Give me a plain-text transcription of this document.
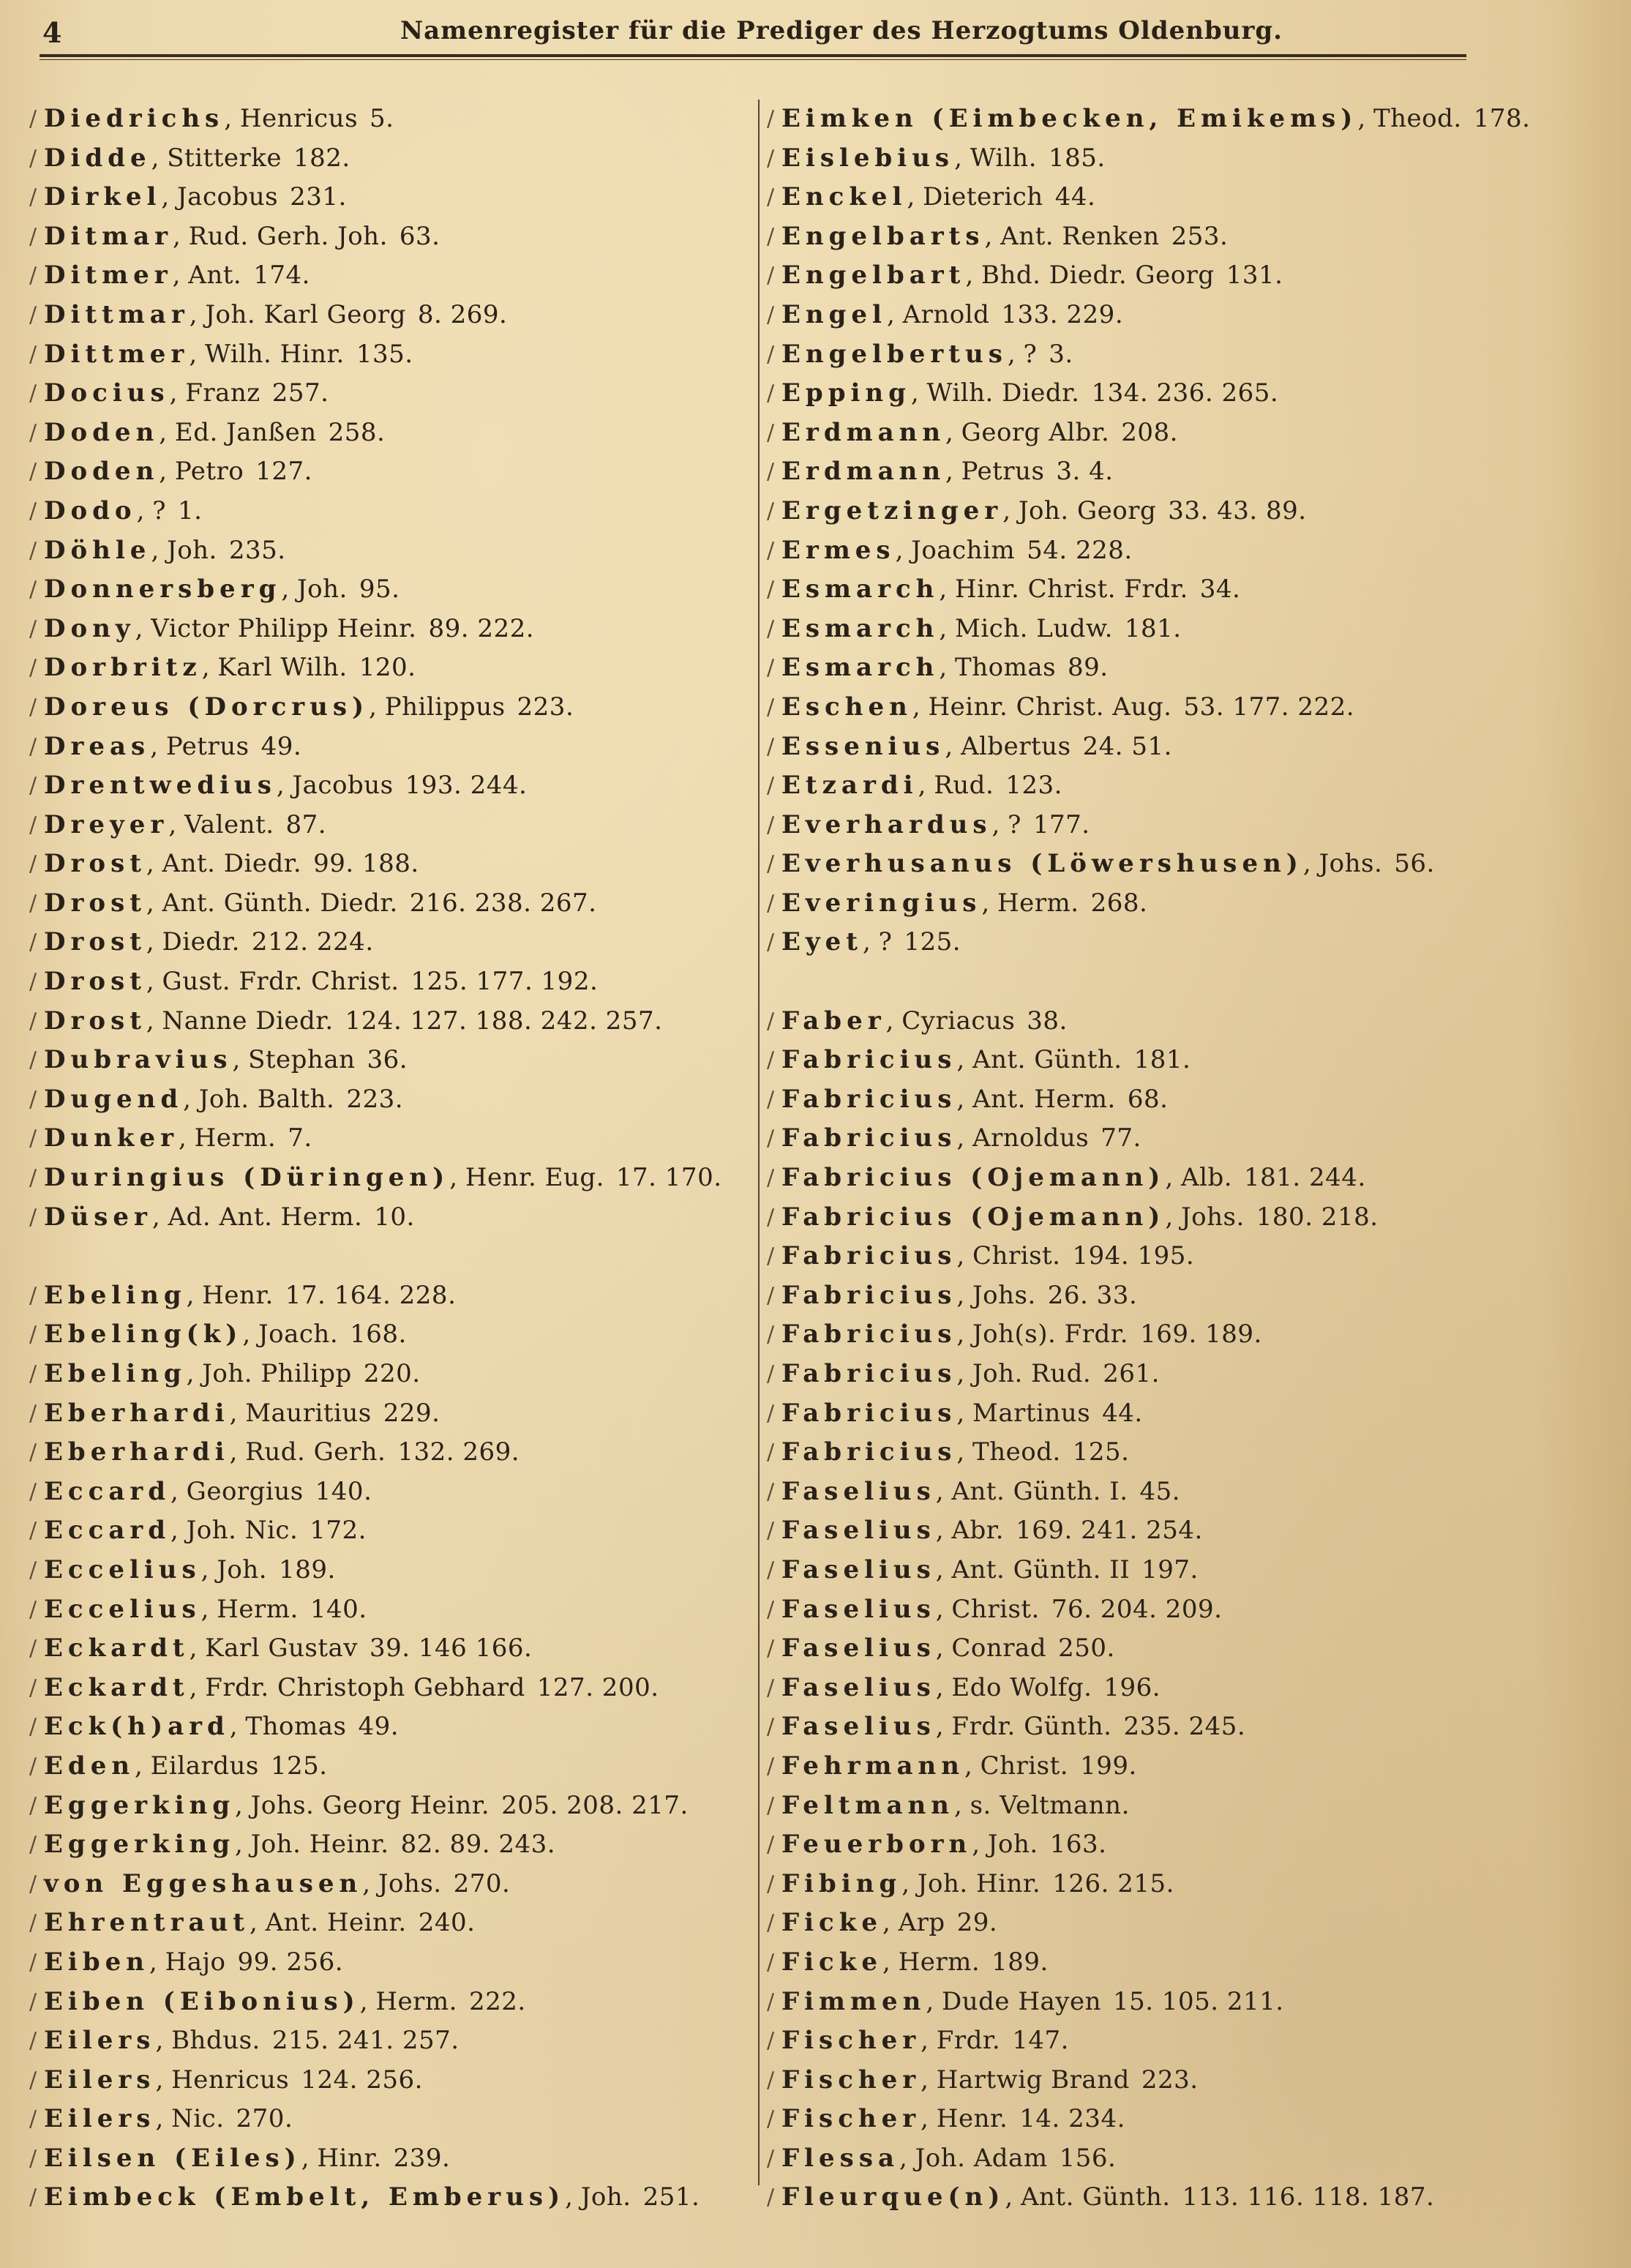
4	Namenregister für die Prediger des Herzogtums Oldenburg.
/ Diedrichs, Henricus 5.
/ Didde, Stitterke 182.
/ Dirkel, Jacobus 231.
/ Ditmar, Rud. Gerh. Joh. 63.
/ Ditmer, Ant. 174.
/ Dittmar, Joh. Karl Georg 8. 269.
/ Dittmer, Wilh. Hinr. 135.
/ Docius, Franz 257.
/ Doden, Ed. Janßen 258.
/ Doden, Petro 127.
/ Dodo, ? 1.
/ Döhle, Joh. 235.
/ Donnersberg, Joh. 95.
/ Dony, Victor Philipp Heinr. 89. 222.
/ Dorbritz, Karl Wilh. 120.
/ Doreus (Dorcrus), Philippus 223.
/ Dreas, Petrus 49.
/ Drentwedius, Jacobus 193. 244.
/ Dreyer, Valent. 87.
/ Drost, Ant. Diedr. 99. 188.
/ Drost, Ant. Günth. Diedr. 216. 238. 267.
/ Drost, Diedr. 212. 224.
/ Drost, Gust. Frdr. Christ. 125. 177. 192.
/ Drost, Nanne Diedr. 124. 127. 188. 242. 257.
/ Dubravius, Stephan 36.
/ Dugend, Joh. Balth. 223.
/ Dunker, Herm. 7.
/ Duringius (Düringen), Henr. Eug. 17. 170.
/ Düser, Ad. Ant. Herm. 10.
/ Ebeling, Henr. 17. 164. 228.
/ Ebeling(k), Joach. 168.
/ Ebeling, Joh. Philipp 220.
/ Eberhardi, Mauritius 229.
/ Eberhardi, Rud. Gerh. 132. 269.
/ Eccard, Georgius 140.
/ Eccard, Joh. Nic. 172.
/ Eccelius, Joh. 189.
/ Eccelius, Herm. 140.
/ Eckardt, Karl Gustav 39. 146 166.
/ Eckardt, Frdr. Christoph Gebhard 127. 200.
/ Eck(h)ard, Thomas 49.
/ Eden, Eilardus 125.
/ Eggerking, Johs. Georg Heinr. 205. 208. 217.
/ Eggerking, Joh. Heinr. 82. 89. 243.
/ von Eggeshausen, Johs. 270.
/ Ehrentraut, Ant. Heinr. 240.
/ Eiben, Hajo 99. 256.
/ Eiben (Eibonius), Herm. 222.
/ Eilers, Bhdus. 215. 241. 257.
/ Eilers, Henricus 124. 256.
/ Eilers, Nic. 270.
/ Eilsen (Eiles), Hinr. 239.
/ Eimbeck (Embelt, Emberus), Joh. 251.
/ Eimken (Eimbecken, Emikems), Theod. 178.
/ Eislebius, Wilh. 185.
/ Enckel, Dieterich 44.
/ Engelbarts, Ant. Renken 253.
/ Engelbart, Bhd. Diedr. Georg 131.
/ Engel, Arnold 133. 229.
/ Engelbertus, ? 3.
/ Epping, Wilh. Diedr. 134. 236. 265.
/ Erdmann, Georg Albr. 208.
/ Erdmann, Petrus 3. 4.
/ Ergetzinger, Joh. Georg 33. 43. 89.
/ Ermes, Joachim 54. 228.
/ Esmarch, Hinr. Christ. Frdr. 34.
/ Esmarch, Mich. Ludw. 181.
/ Esmarch, Thomas 89.
/ Eschen, Heinr. Christ. Aug. 53. 177. 222.
/ Essenius, Albertus 24. 51.
/ Etzardi, Rud. 123.
/ Everhardus, ? 177.
/ Everhusanus (Löwershusen), Johs. 56.
/ Everingius, Herm. 268.
/ Eyet, ? 125.
/ Faber, Cyriacus 38.
/ Fabricius, Ant. Günth. 181.
/ Fabricius, Ant. Herm. 68.
/ Fabricius, Arnoldus 77.
/ Fabricius (Ojemann), Alb. 181. 244.
/ Fabricius (Ojemann), Johs. 180. 218.
/ Fabricius, Christ. 194. 195.
/ Fabricius, Johs. 26. 33.
/ Fabricius, Joh(s). Frdr. 169. 189.
/ Fabricius, Joh. Rud. 261.
/ Fabricius, Martinus 44.
/ Fabricius, Theod. 125.
/ Faselius, Ant. Günth. I. 45.
/ Faselius, Abr. 169. 241. 254.
/ Faselius, Ant. Günth. II 197.
/ Faselius, Christ. 76. 204. 209.
/ Faselius, Conrad 250.
/ Faselius, Edo Wolfg. 196.
/ Faselius, Frdr. Günth. 235. 245.
/ Fehrmann, Christ. 199.
/ Feltmann, s. Veltmann.
/ Feuerborn, Joh. 163.
/ Fibing, Joh. Hinr. 126. 215.
/ Ficke, Arp 29.
/ Ficke, Herm. 189.
/ Fimmen, Dude Hayen 15. 105. 211.
/ Fischer, Frdr. 147.
/ Fischer, Hartwig Brand 223.
/ Fischer, Henr. 14. 234.
/ Flessa, Joh. Adam 156.
/ Fleurque(n), Ant. Günth. 113. 116. 118. 187.
